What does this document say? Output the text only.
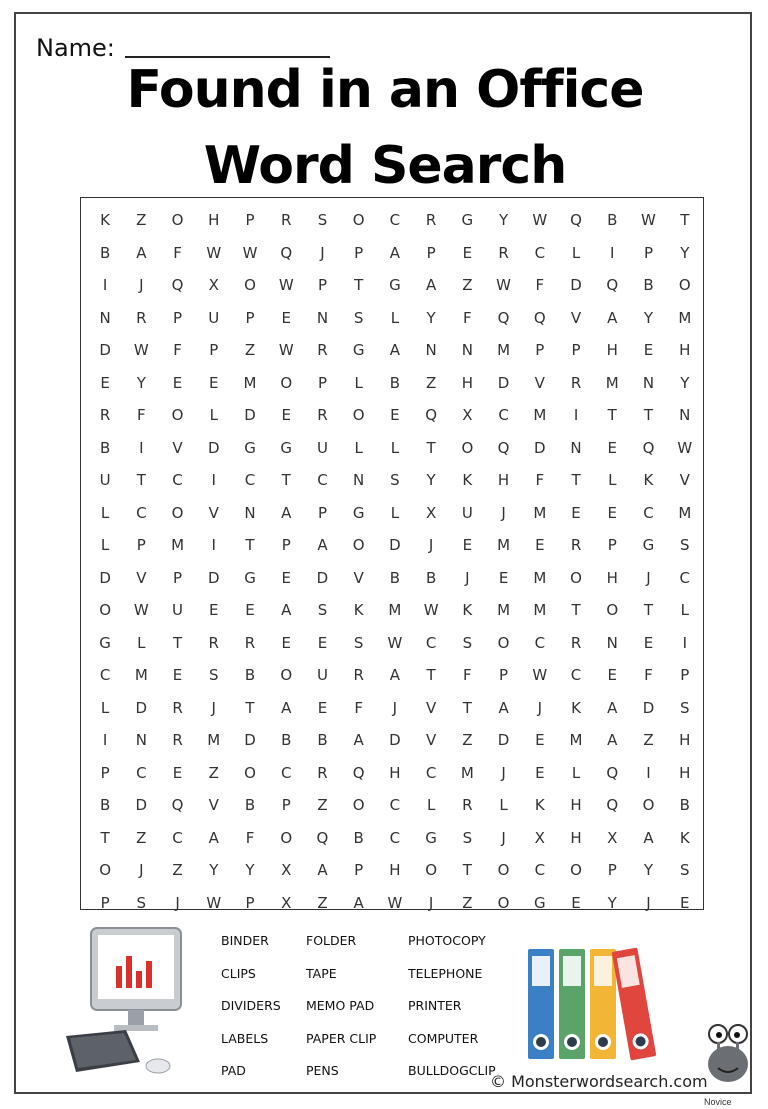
Name:
Found in an Office
Word Search
K	Z	O	H	P	R	S	O	C	R	G	Y	W	Q	B	W	T
B	A	F	W	W	Q	J	P	A	P	E	R	C	L	I	P	Y
I	J	Q	X	O	W	P	T	G	A	Z	W	F	D	Q	B	O
N	R	P	U	P	E	N	S	L	Y	F	Q	Q	V	A	Y	M
D	W	F	P	Z	W	R	G	A	N	N	M	P	P	H	E	H
E	Y	E	E	M	O	P	L	B	Z	H	D	V	R	M	N	Y
R	F	O	L	D	E	R	O	E	Q	X	C	M	I	T	T	N
B	I	V	D	G	G	U	L	L	T	O	Q	D	N	E	Q	W
U	T	C	I	C	T	C	N	S	Y	K	H	F	T	L	K	V
L	C	O	V	N	A	P	G	L	X	U	J	M	E	E	C	M
L	P	M	I	T	P	A	O	D	J	E	M	E	R	P	G	S
D	V	P	D	G	E	D	V	B	B	J	E	M	O	H	J	C
O	W	U	E	E	A	S	K	M	W	K	M	M	T	O	T	L
G	L	T	R	R	E	E	S	W	C	S	O	C	R	N	E	I
C	M	E	S	B	O	U	R	A	T	F	P	W	C	E	F	P
L	D	R	J	T	A	E	F	J	V	T	A	J	K	A	D	S
I	N	R	M	D	B	B	A	D	V	Z	D	E	M	A	Z	H
P	C	E	Z	O	C	R	Q	H	C	M	J	E	L	Q	I	H
B	D	Q	V	B	P	Z	O	C	L	R	L	K	H	Q	O	B
T	Z	C	A	F	O	Q	B	C	G	S	J	X	H	X	A	K
O	J	Z	Y	Y	X	A	P	H	O	T	O	C	O	P	Y	S
P	S	J	W	P	X	Z	A	W	J	Z	O	G	E	Y	J	E
BINDER
CLIPS
DIVIDERS
LABELS
PAD
FOLDER
TAPE
MEMO PAD
PAPER CLIP
PENS
PHOTOCOPY
TELEPHONE
PRINTER
COMPUTER
BULLDOGCLIP
© Monsterwordsearch.com
Novice
